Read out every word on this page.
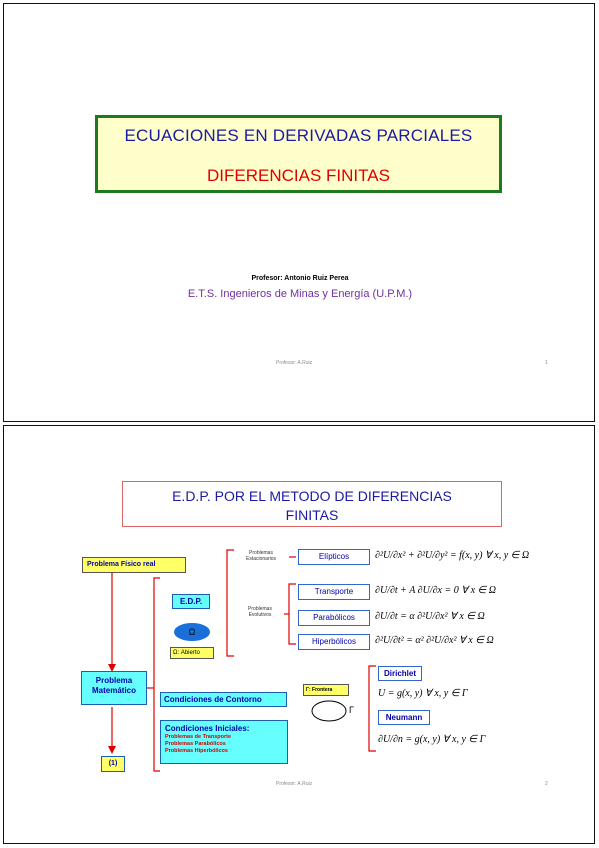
ECUACIONES EN DERIVADAS PARCIALES
DIFERENCIAS FINITAS
Profesor: Antonio Ruiz Perea
E.T.S. Ingenieros de Minas y Energía (U.P.M.)
Profesor: A.Ruiz	1
E.D.P. POR EL METODO DE DIFERENCIAS
FINITAS
Problema Físico real
Problema Matemático
(1)
E.D.P.
Ω
Ω: Abierto
Problemas Estacionarios
Problemas Evolutivos
Elípticos
Transporte
Parabólicos
Hiperbólicos
∂²U/∂x² + ∂²U/∂y² = f(x, y) ∀ x, y ∈ Ω
∂U/∂t + A ∂U/∂x = 0 ∀ x ∈ Ω
∂U/∂t = α ∂²U/∂x² ∀ x ∈ Ω
∂²U/∂t² = α² ∂²U/∂x² ∀ x ∈ Ω
Condiciones de Contorno
Γ: Frontera
Γ
Dirichlet
U = g(x, y) ∀ x, y ∈ Γ
Neumann
∂U/∂n = g(x, y) ∀ x, y ∈ Γ
Condiciones Iniciales:
Problemas de Transporte
Problemas Parabólicos
Problemas Hiperbólicos
Profesor: A.Ruiz	2
